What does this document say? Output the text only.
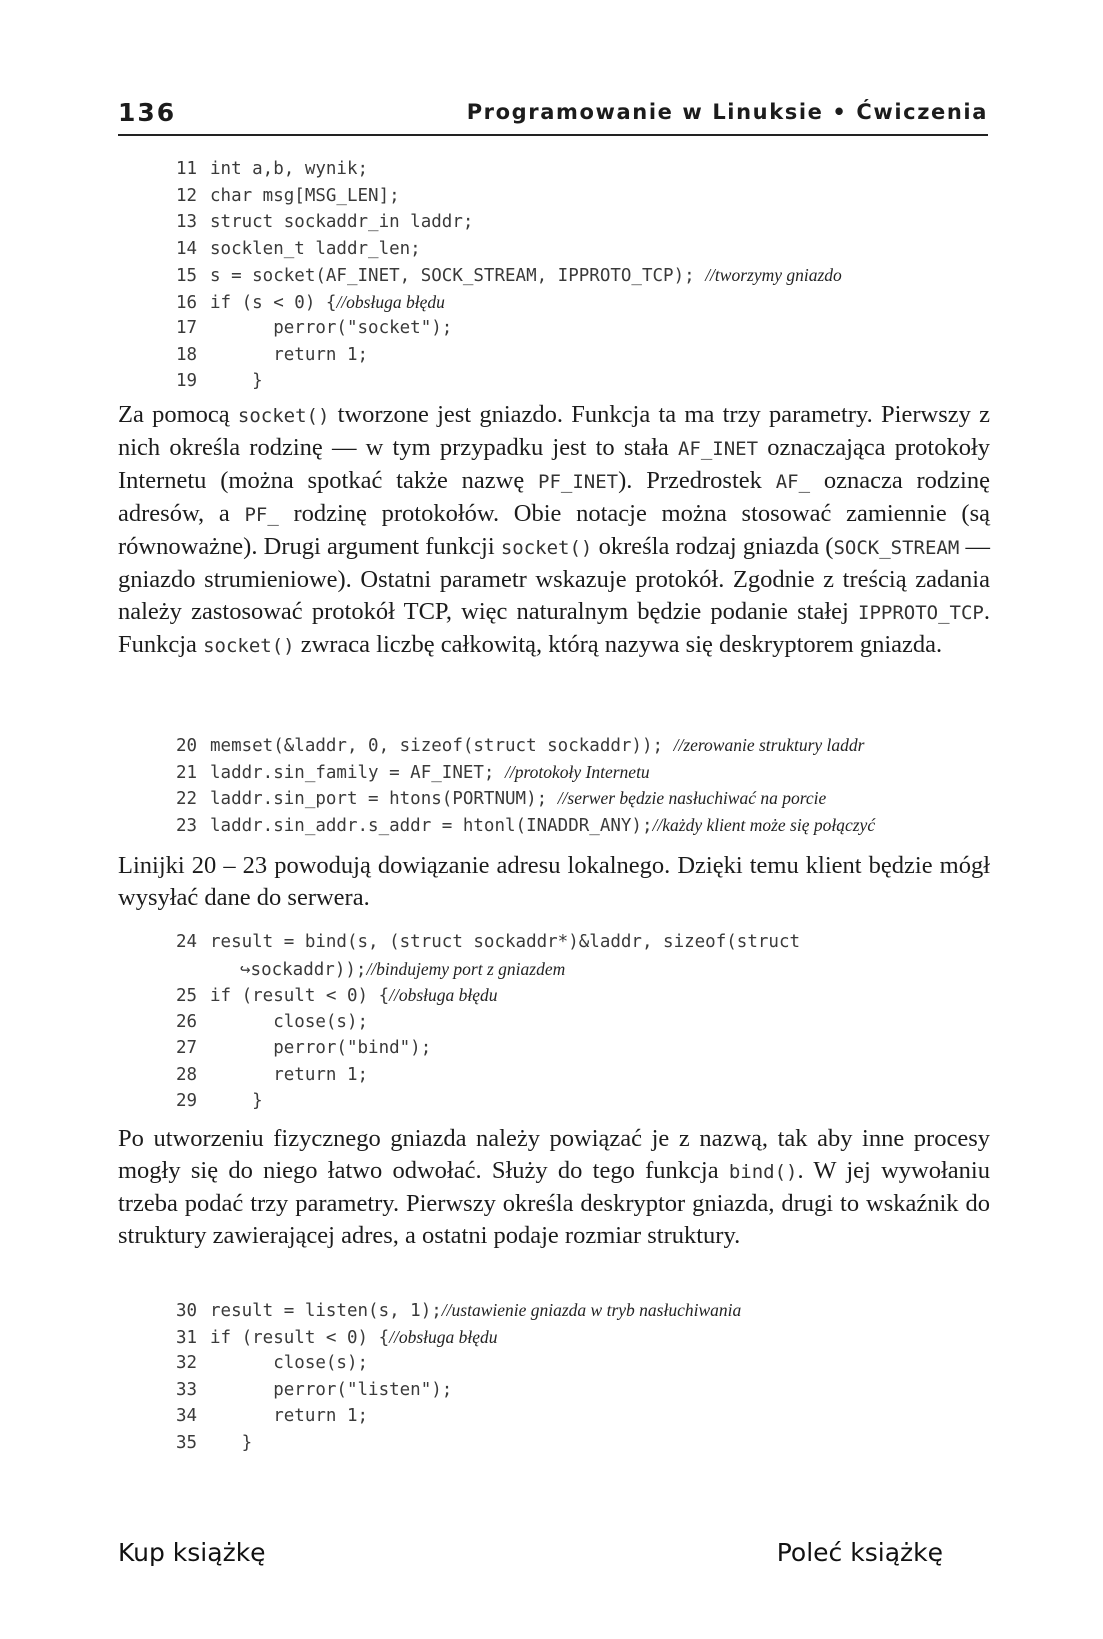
136	Programowanie w Linuksie • Ćwiczenia
11 int a,b, wynik;
12 char msg[MSG_LEN];
13 struct sockaddr_in laddr;
14 socklen_t laddr_len;
15 s = socket(AF_INET, SOCK_STREAM, IPPROTO_TCP); //tworzymy gniazdo
16 if (s < 0) {//obsługa błędu
17      perror("socket");
18      return 1;
19    }

Za pomocą socket() tworzone jest gniazdo. Funkcja ta ma trzy parametry. Pierwszy z nich określa rodzinę — w tym przypadku jest to stała AF_INET oznaczająca protokoły Internetu (można spotkać także nazwę PF_INET). Przedrostek AF_ oznacza rodzinę adresów, a PF_ rodzinę protokołów. Obie notacje można stosować zamiennie (są równoważne). Drugi argument funkcji socket() określa rodzaj gniazda (SOCK_STREAM — gniazdo strumieniowe). Ostatni parametr wskazuje protokół. Zgodnie z treścią zadania należy zastosować protokół TCP, więc naturalnym będzie podanie stałej IPPROTO_TCP. Funkcja socket() zwraca liczbę całkowitą, którą nazywa się deskryptorem gniazda.

20 memset(&laddr, 0, sizeof(struct sockaddr)); //zerowanie struktury laddr
21 laddr.sin_family = AF_INET; //protokoły Internetu
22 laddr.sin_port = htons(PORTNUM); //serwer będzie nasłuchiwać na porcie
23 laddr.sin_addr.s_addr = htonl(INADDR_ANY);//każdy klient może się połączyć

Linijki 20 – 23 powodują dowiązanie adresu lokalnego. Dzięki temu klient będzie mógł wysyłać dane do serwera.

24 result = bind(s, (struct sockaddr*)&laddr, sizeof(struct
↪sockaddr));//bindujemy port z gniazdem
25 if (result < 0) {//obsługa błędu
26      close(s);
27      perror("bind");
28      return 1;
29    }

Po utworzeniu fizycznego gniazda należy powiązać je z nazwą, tak aby inne procesy mogły się do niego łatwo odwołać. Służy do tego funkcja bind(). W jej wywołaniu trzeba podać trzy parametry. Pierwszy określa deskryptor gniazda, drugi to wskaźnik do struktury zawierającej adres, a ostatni podaje rozmiar struktury.

30 result = listen(s, 1);//ustawienie gniazda w tryb nasłuchiwania
31 if (result < 0) {//obsługa błędu
32      close(s);
33      perror("listen");
34      return 1;
35   }
Kup książkę	Poleć książkę
